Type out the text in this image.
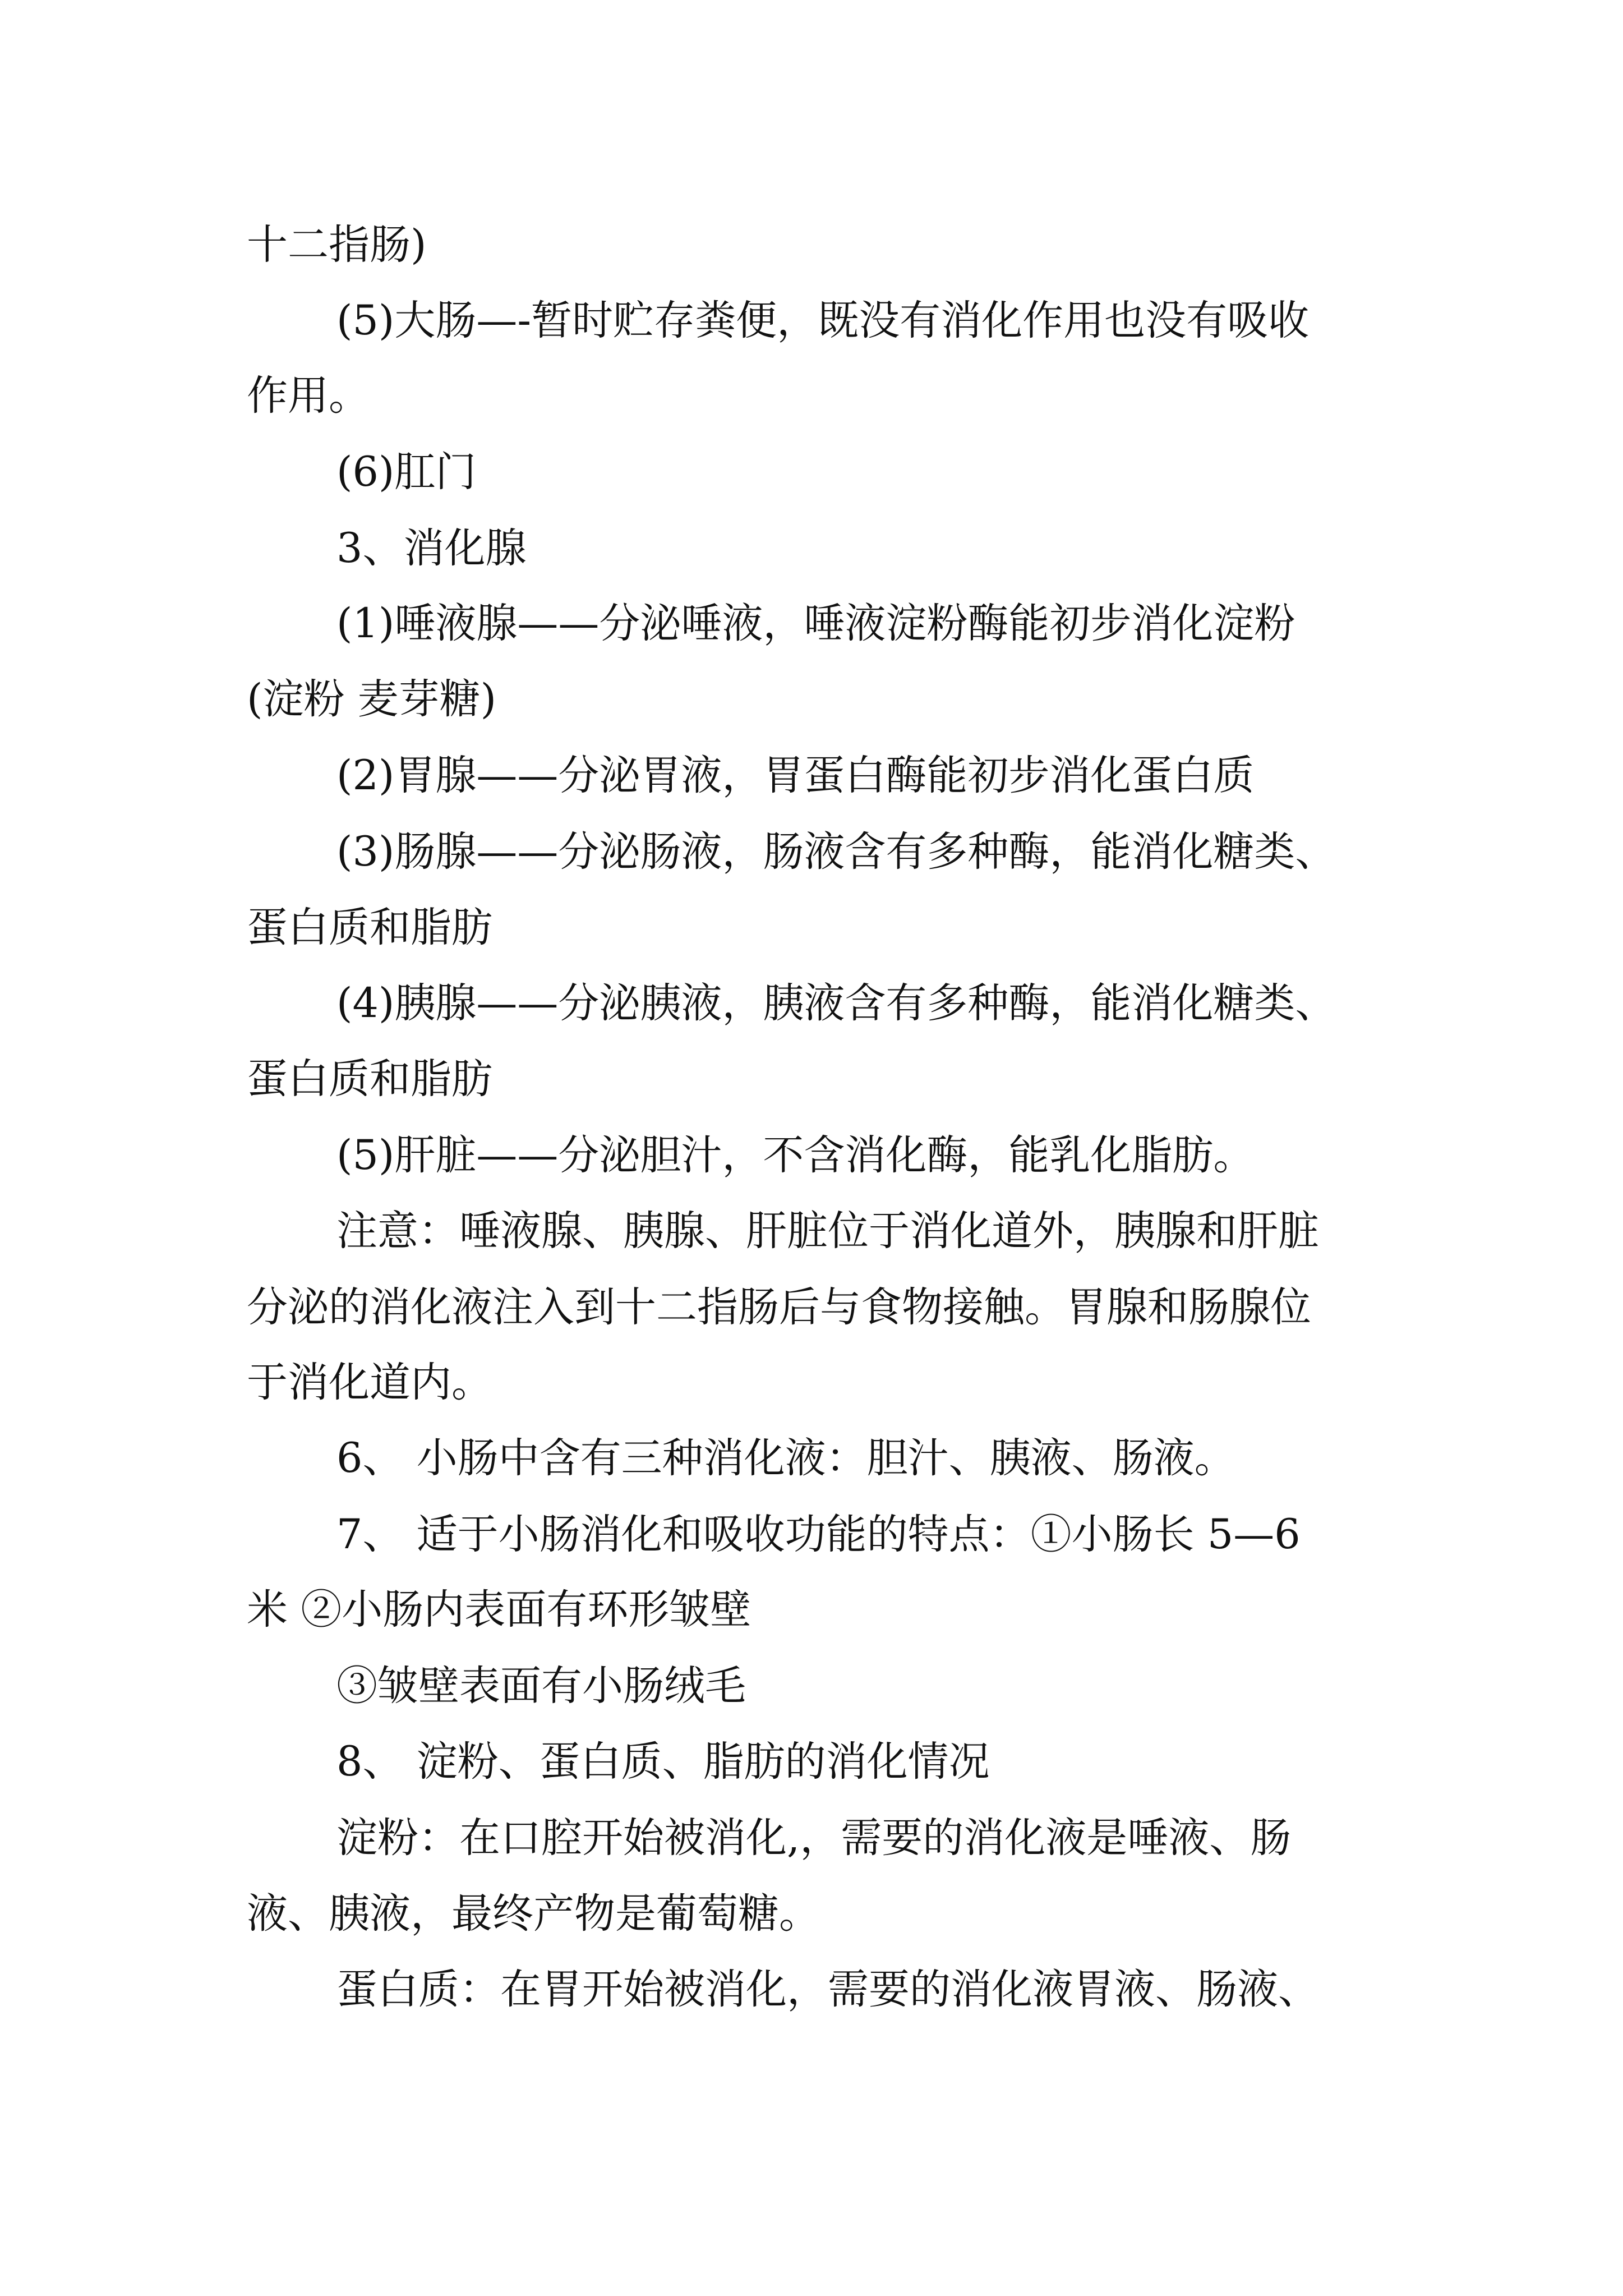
十二指肠)
(5)大肠—-暂时贮存粪便，既没有消化作用也没有吸收
作用。
(6)肛门
3、消化腺
(1)唾液腺——分泌唾液，唾液淀粉酶能初步消化淀粉
(淀粉 麦芽糖)
(2)胃腺——分泌胃液，胃蛋白酶能初步消化蛋白质
(3)肠腺——分泌肠液，肠液含有多种酶，能消化糖类、
蛋白质和脂肪
(4)胰腺——分泌胰液，胰液含有多种酶，能消化糖类、
蛋白质和脂肪
(5)肝脏——分泌胆汁，不含消化酶，能乳化脂肪。
注意：唾液腺、胰腺、肝脏位于消化道外，胰腺和肝脏
分泌的消化液注入到十二指肠后与食物接触。胃腺和肠腺位
于消化道内。
6、 小肠中含有三种消化液：胆汁、胰液、肠液。
7、 适于小肠消化和吸收功能的特点：①小肠长 5—6
米 ②小肠内表面有环形皱壁
③皱壁表面有小肠绒毛
8、 淀粉、蛋白质、脂肪的消化情况
淀粉：在口腔开始被消化,，需要的消化液是唾液、肠
液、胰液，最终产物是葡萄糖。
蛋白质：在胃开始被消化，需要的消化液胃液、肠液、
